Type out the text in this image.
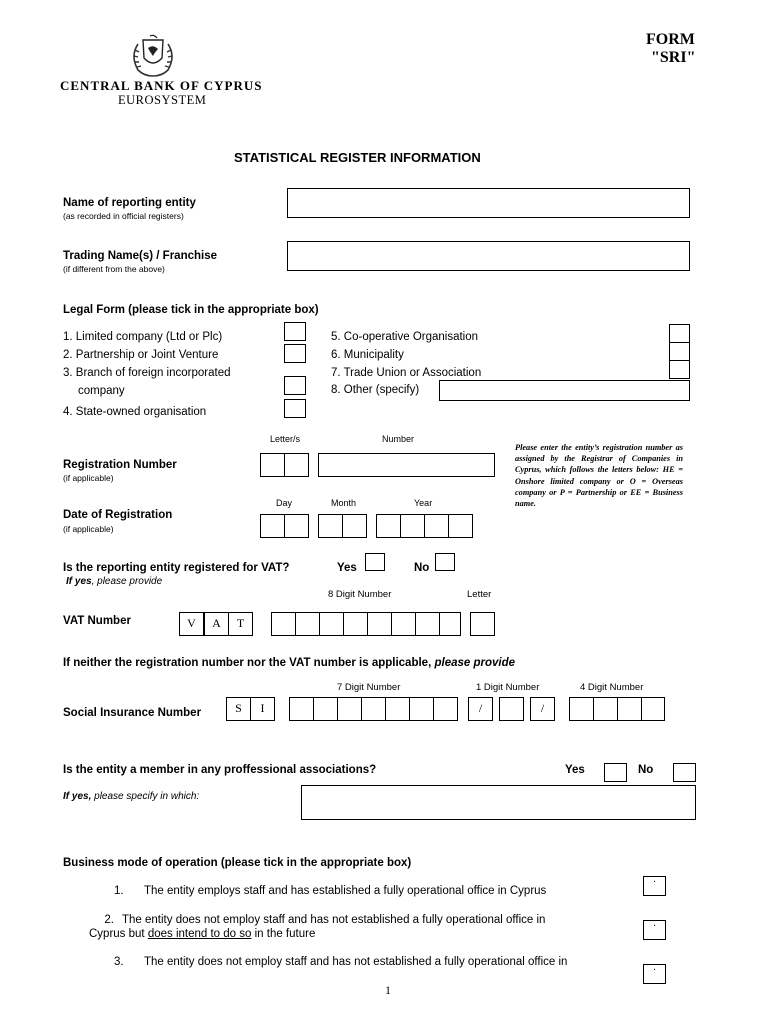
CENTRAL BANK OF CYPRUS
EUROSYSTEM
FORM
"SRI"
STATISTICAL REGISTER INFORMATION
Name of reporting entity
(as recorded in official registers)
Trading Name(s) / Franchise
(if different from the above)
Legal Form (please tick in the appropriate box)
1. Limited company (Ltd or Plc)
2. Partnership or Joint Venture
3. Branch of foreign incorporated
company
4. State-owned organisation
5. Co-operative Organisation
6. Municipality
7. Trade Union or Association
8. Other (specify)
Letter/s	Number
Registration Number
(if applicable)
Please enter the entity’s registration number as assigned by the Registrar of Companies in Cyprus, which follows the letters below: HE = Onshore limited company or O = Overseas company or P = Partnership or EE = Business name.
Day	Month	Year
Date of Registration
(if applicable)
Is the reporting entity registered for VAT?	Yes	No
If yes, please provide
8 Digit Number	Letter
VAT Number	V	A	T
If neither the registration number nor the VAT number is applicable, please provide
7 Digit Number	1 Digit Number	4 Digit Number
Social Insurance Number	S	I	/	/
Is the entity a member in any proffessional associations?	Yes	No
If yes, please specify in which:
Business mode of operation (please tick in the appropriate box)
1. The entity employs staff and has established a fully operational office in Cyprus
·
2. The entity does not employ staff and has not established a fully operational office in
Cyprus but does intend to do so in the future
·
3. The entity does not employ staff and has not established a fully operational office in
·
1
